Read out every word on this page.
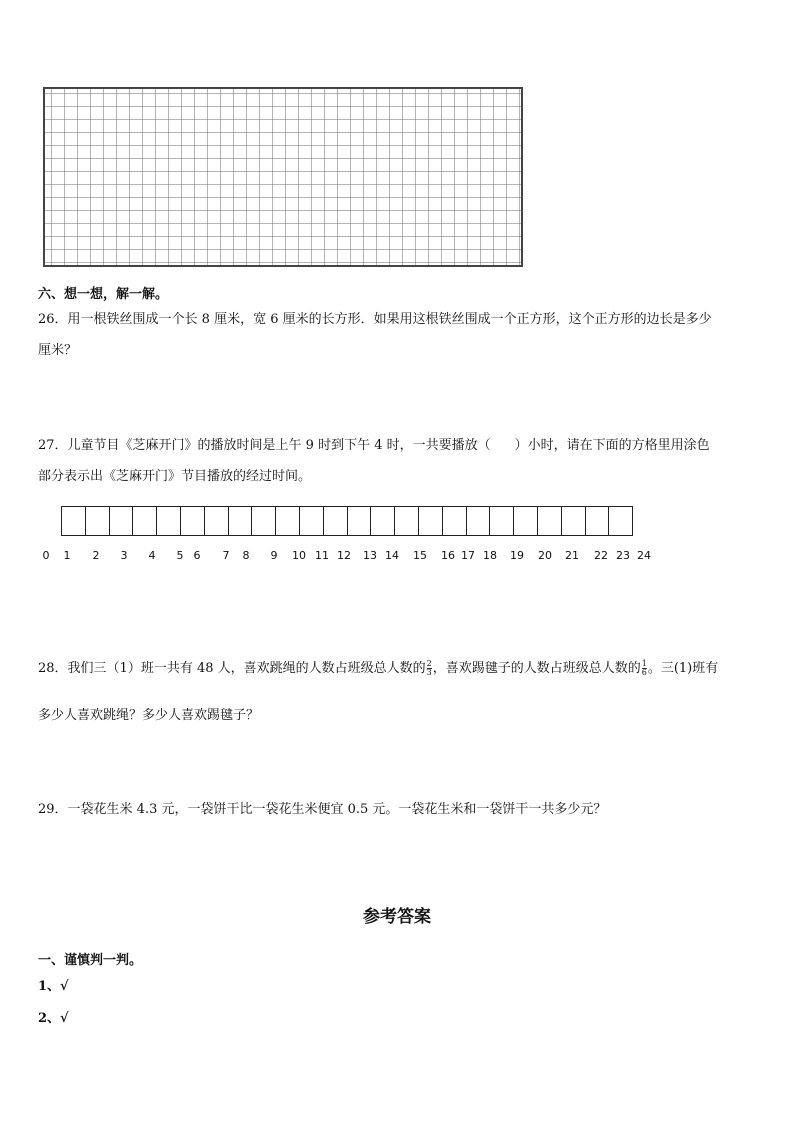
六、想一想，解一解。
26．用一根铁丝围成一个长 8 厘米，宽 6 厘米的长方形．如果用这根铁丝围成一个正方形，这个正方形的边长是多少
厘米？
27．儿童节目《芝麻开门》的播放时间是上午 9 时到下午 4 时，一共要播放（ ）小时，请在下面的方格里用涂色
部分表示出《芝麻开门》节目播放的经过时间。
0 1 2 3 4 5 6 7 8 9 10 11 12 13 14 15 16 17 18 19 20 21 22 23 24
28．我们三（1）班一共有 48 人，喜欢跳绳的人数占班级总人数的 $\frac{2}{3}$ ，喜欢踢毽子的人数占班级总人数的 $\frac{1}{6}$ 。三(1)班有
多少人喜欢跳绳？多少人喜欢踢毽子？
29．一袋花生米 4.3 元，一袋饼干比一袋花生米便宜 0.5 元。一袋花生米和一袋饼干一共多少元？
参考答案
一、谨慎判一判。
1、√
2、√
